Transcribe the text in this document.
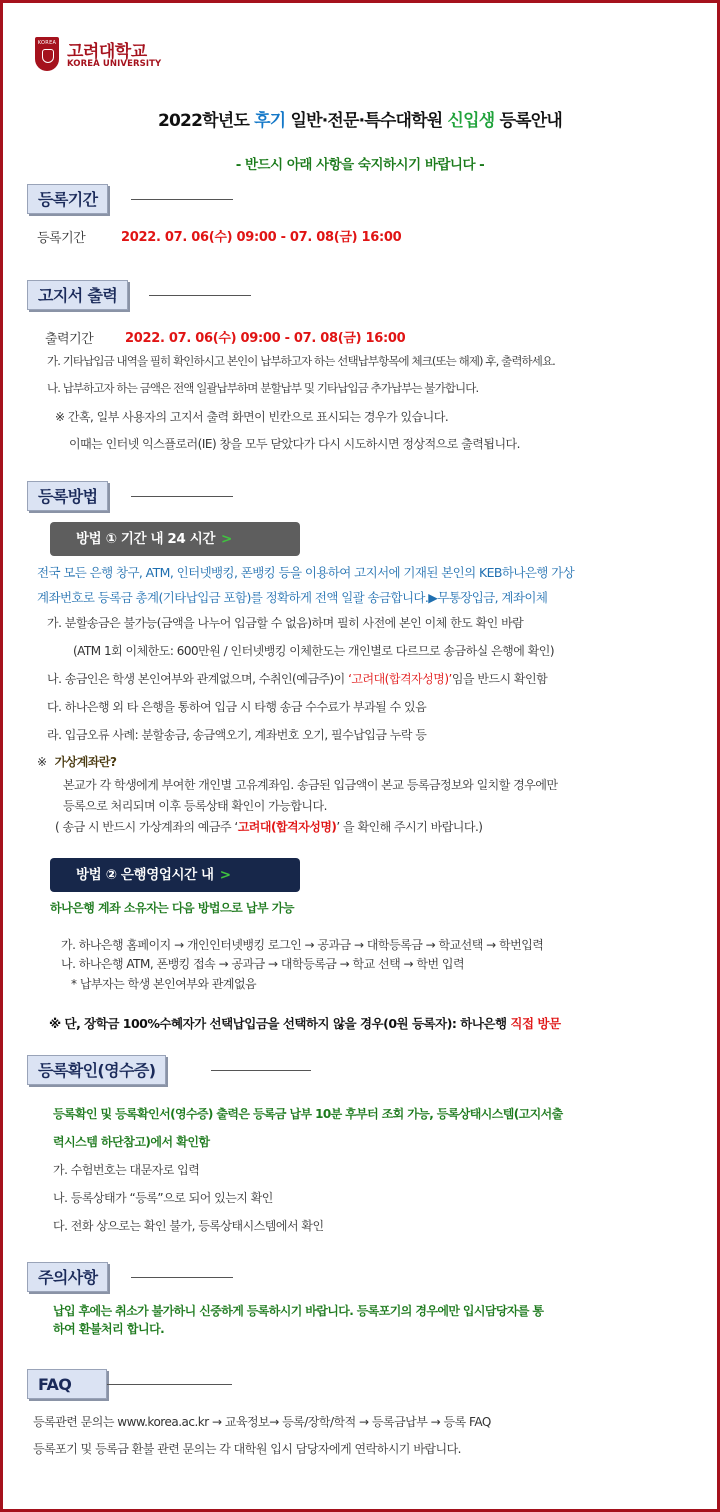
KOREA 고려대학교
KOREA UNIVERSITY
2022학년도 후기 일반·전문·특수대학원 신입생 등록안내
- 반드시 아래 사항을 숙지하시기 바랍니다 -
등록기간
등록기간	2022. 07. 06(수) 09:00 - 07. 08(금) 16:00
고지서 출력
출력기간 2022. 07. 06(수) 09:00 - 07. 08(금) 16:00
가. 기타납입금 내역을 필히 확인하시고 본인이 납부하고자 하는 선택납부항목에 체크(또는 해제) 후, 출력하세요.
나. 납부하고자 하는 금액은 전액 일괄납부하며 분할납부 및 기타납입금 추가납부는 불가합니다.
※ 간혹, 일부 사용자의 고지서 출력 화면이 빈칸으로 표시되는 경우가 있습니다.
이때는 인터넷 익스플로러(IE) 창을 모두 닫았다가 다시 시도하시면 정상적으로 출력됩니다.
등록방법
방법 ① 기간 내 24 시간 >
전국 모든 은행 창구, ATM, 인터넷뱅킹, 폰뱅킹 등을 이용하여 고지서에 기재된 본인의 KEB하나은행 가상
계좌번호로 등록금 총계(기타납입금 포함)를 정확하게 전액 일괄 송금합니다.▶무통장입금, 계좌이체
가. 분할송금은 불가능(금액을 나누어 입금할 수 없음)하며 필히 사전에 본인 이체 한도 확인 바람
(ATM 1회 이체한도: 600만원 / 인터넷뱅킹 이체한도는 개인별로 다르므로 송금하실 은행에 확인)
나. 송금인은 학생 본인여부와 관계없으며, 수취인(예금주)이 ‘고려대(합격자성명)’임을 반드시 확인함
다. 하나은행 외 타 은행을 통하여 입금 시 타행 송금 수수료가 부과될 수 있음
라. 입금오류 사례: 분할송금, 송금액오기, 계좌번호 오기, 필수납입금 누락 등
※ 가상계좌란?
본교가 각 학생에게 부여한 개인별 고유계좌임. 송금된 입금액이 본교 등록금정보와 일치할 경우에만
등록으로 처리되며 이후 등록상태 확인이 가능합니다.
( 송금 시 반드시 가상계좌의 예금주 ‘고려대(합격자성명)’ 을 확인해 주시기 바랍니다.)
방법 ② 은행영업시간 내 >
하나은행 계좌 소유자는 다음 방법으로 납부 가능
가. 하나은행 홈페이지 → 개인인터넷뱅킹 로그인 → 공과금 → 대학등록금 → 학교선택 → 학번입력
나. 하나은행 ATM, 폰뱅킹 접속 → 공과금 → 대학등록금 → 학교 선택 → 학번 입력
* 납부자는 학생 본인여부와 관계없음
※ 단, 장학금 100%수혜자가 선택납입금을 선택하지 않을 경우(0원 등록자): 하나은행 직접 방문
등록확인(영수증)
등록확인 및 등록확인서(영수증) 출력은 등록금 납부 10분 후부터 조회 가능, 등록상태시스템(고지서출
력시스템 하단참고)에서 확인함
가. 수험번호는 대문자로 입력
나. 등록상태가 “등록”으로 되어 있는지 확인
다. 전화 상으로는 확인 불가, 등록상태시스템에서 확인
주의사항
납입 후에는 취소가 불가하니 신중하게 등록하시기 바랍니다. 등록포기의 경우에만 입시담당자를 통
하여 환불처리 합니다.
FAQ
등록관련 문의는 www.korea.ac.kr → 교육정보→ 등록/장학/학적 → 등록금납부 → 등록 FAQ
등록포기 및 등록금 환불 관련 문의는 각 대학원 입시 담당자에게 연락하시기 바랍니다.
